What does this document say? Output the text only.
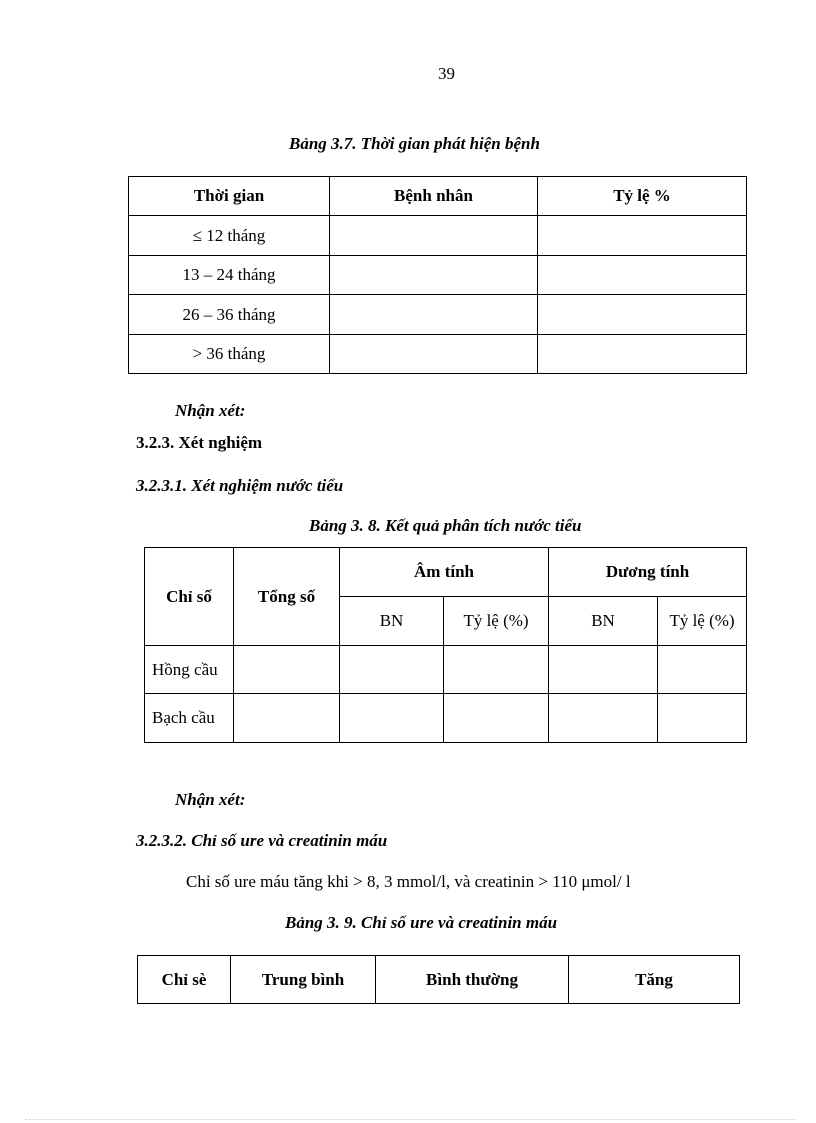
39
Bảng 3.7. Thời gian phát hiện bệnh
Thời gian	Bệnh nhân	Tỷ lệ %
≤ 12 tháng		
13 – 24 tháng		
26 – 36 tháng		
> 36 tháng		
Nhận xét:
3.2.3. Xét nghiệm
3.2.3.1. Xét nghiệm nước tiểu
Bảng 3. 8. Kết quả phân tích nước tiểu
Chỉ số	Tổng số	Âm tính		Dương tính	
		BN	Tỷ lệ (%)	BN	Tỷ lệ (%)
Hồng cầu					
Bạch cầu					
Nhận xét:
3.2.3.2. Chỉ số ure và creatinin máu
Chỉ số ure máu tăng khi > 8, 3 mmol/l, và creatinin > 110 μmol/ l
Bảng 3. 9. Chỉ số ure và creatinin máu
Chỉ sè	Trung bình	Bình thường	Tăng
